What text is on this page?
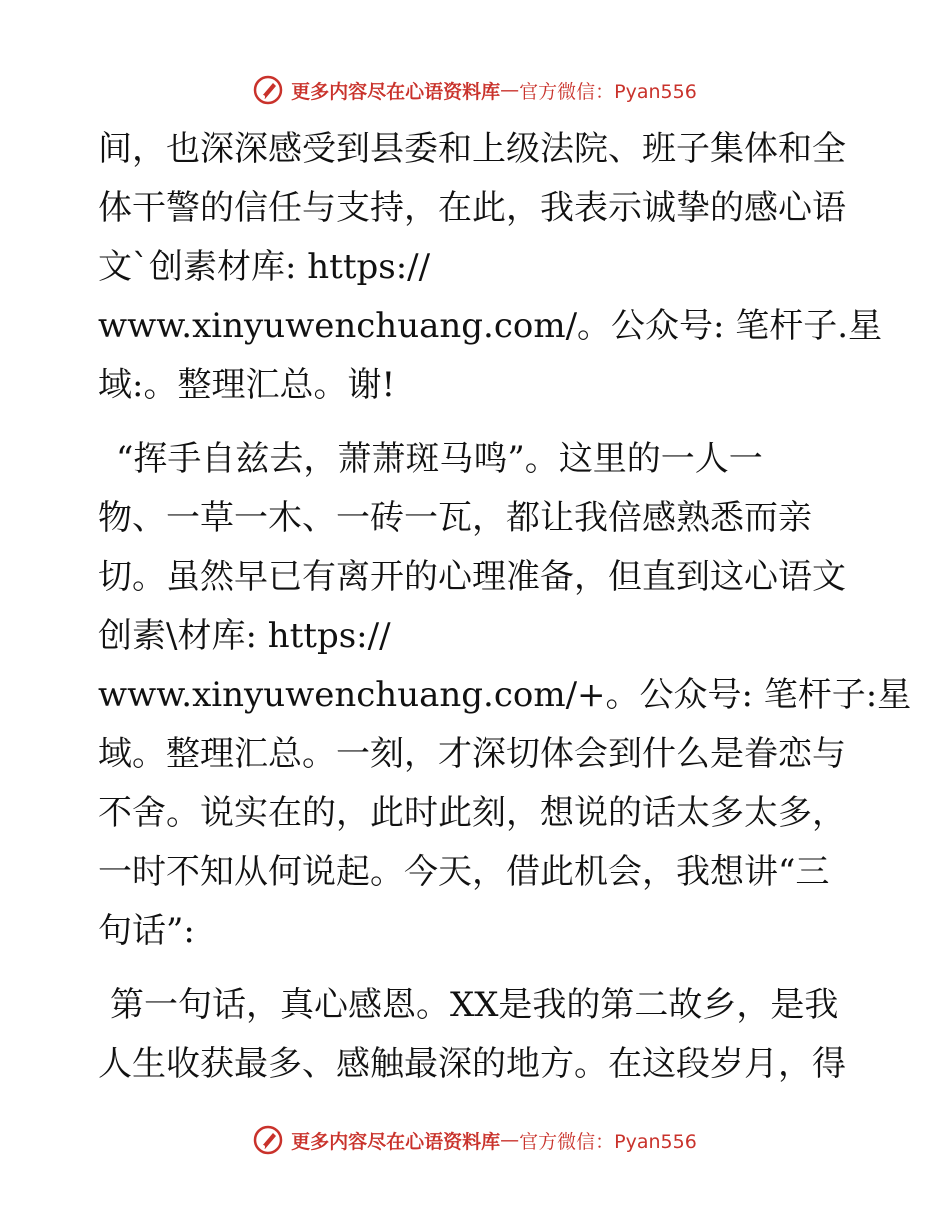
更多内容尽在心语资料库 — 官方微信：Pyan556
间，也深深感受到县委和上级法院、班子集体和全
体干警的信任与支持，在此，我表示诚挚的感心语
文`创素材库: https://
www.xinyuwenchuang.com/。公众号: 笔杆子.星
域:。整理汇总。谢!
“挥手自兹去，萧萧斑马鸣”。这里的一人一
物、一草一木、一砖一瓦，都让我倍感熟悉而亲
切。虽然早已有离开的心理准备，但直到这心语文
创素\材库: https://
www.xinyuwenchuang.com/+。公众号: 笔杆子:星
域。整理汇总。一刻，才深切体会到什么是眷恋与
不舍。说实在的，此时此刻，想说的话太多太多，
一时不知从何说起。今天，借此机会，我想讲“三
句话”:
第一句话，真心感恩。XX是我的第二故乡，是我
人生收获最多、感触最深的地方。在这段岁月，得
更多内容尽在心语资料库 — 官方微信：Pyan556
